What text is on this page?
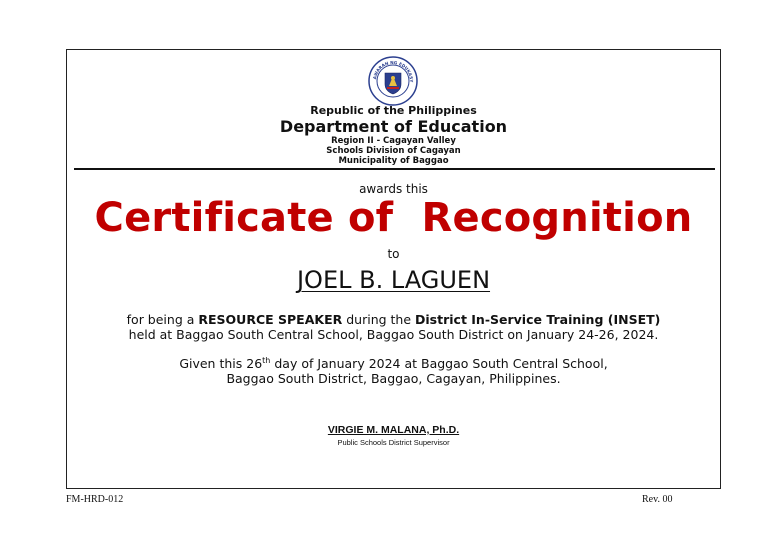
AWARAN NG EDUKASY
Republic of the Philippines
Department of Education
Region II - Cagayan Valley
Schools Division of Cagayan
Municipality of Baggao
awards this
Certificate of  Recognition
to
JOEL B. LAGUEN
for being a RESOURCE SPEAKER during the District In-Service Training (INSET)
held at Baggao South Central School, Baggao South District on January 24-26, 2024.
Given this 26th day of January 2024 at Baggao South Central School,
Baggao South District, Baggao, Cagayan, Philippines.
VIRGIE M. MALANA, Ph.D.
Public Schools District Supervisor
FM-HRD-012	Rev. 00
